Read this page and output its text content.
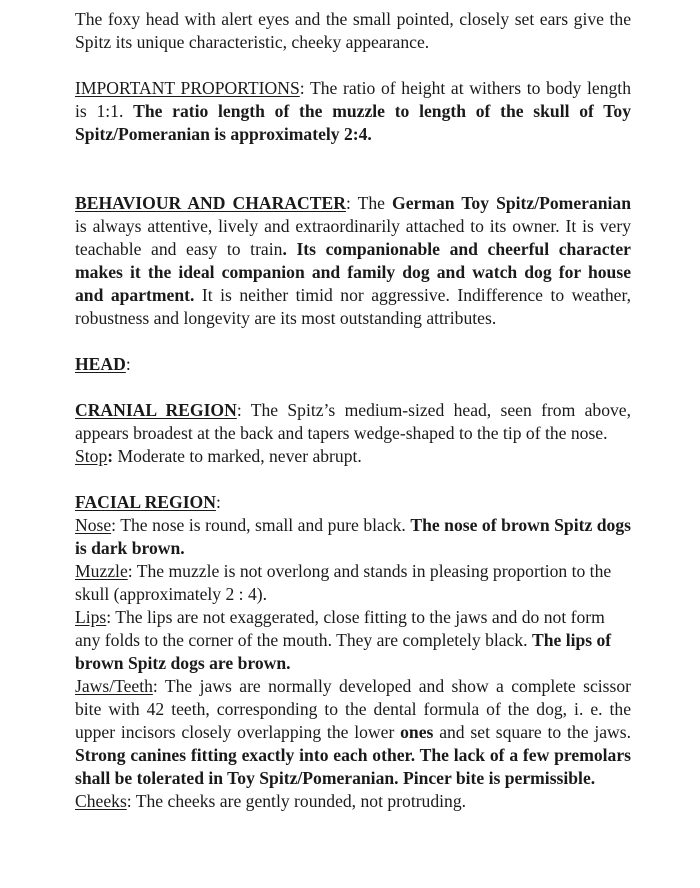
The foxy head with alert eyes and the small pointed, closely set ears give the Spitz its unique characteristic, cheeky appearance.

IMPORTANT PROPORTIONS: The ratio of height at withers to body length is 1:1. The ratio length of the muzzle to length of the skull of Toy Spitz/Pomeranian is approximately 2:4.

BEHAVIOUR AND CHARACTER: The German Toy Spitz/Pomeranian is always attentive, lively and extraordinarily attached to its owner. It is very teachable and easy to train. Its companionable and cheerful character makes it the ideal companion and family dog and watch dog for house and apartment. It is neither timid nor aggressive. Indifference to weather, robustness and longevity are its most outstanding attributes.

HEAD:

CRANIAL REGION: The Spitz’s medium-sized head, seen from above, appears broadest at the back and tapers wedge-shaped to the tip of the nose.

Stop: Moderate to marked, never abrupt.

FACIAL REGION:

Nose: The nose is round, small and pure black. The nose of brown Spitz dogs is dark brown.

Muzzle: The muzzle is not overlong and stands in pleasing proportion to the skull (approximately 2 : 4).

Lips: The lips are not exaggerated, close fitting to the jaws and do not form any folds to the corner of the mouth. They are completely black. The lips of brown Spitz dogs are brown.

Jaws/Teeth: The jaws are normally developed and show a complete scissor bite with 42 teeth, corresponding to the dental formula of the dog, i. e. the upper incisors closely overlapping the lower ones and set square to the jaws. Strong canines fitting exactly into each other. The lack of a few premolars shall be tolerated in Toy Spitz/Pomeranian. Pincer bite is permissible.

Cheeks: The cheeks are gently rounded, not protruding.
